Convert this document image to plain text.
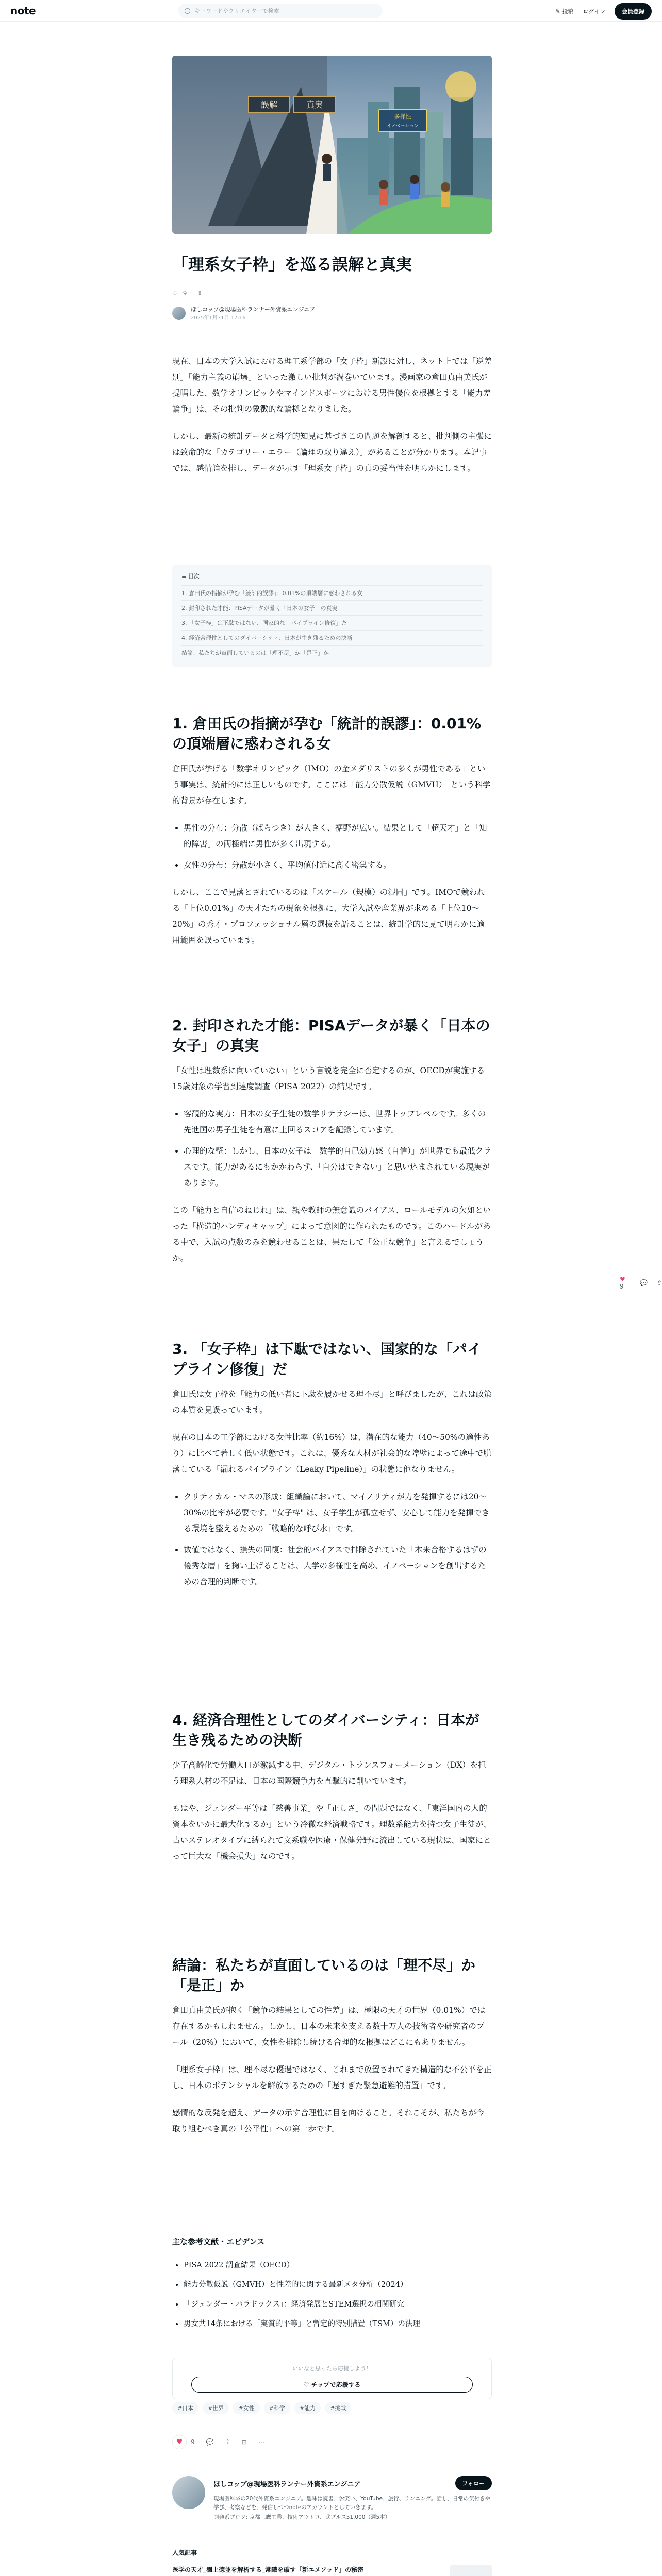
note	キーワードやクリエイターで検索	✎ 投稿 ログイン	会員登録
誤解	真実
多様性
イノベーション
「理系女子枠」を巡る誤解と真実
♡ 9 ⇪
ほしコップ@現場医科ランナー外資系エンジニア
2025年1月31日 17:16

現在、日本の大学入試における理工系学部の「女子枠」新設に対し、ネット上では「逆差別」「能力主義の崩壊」といった激しい批判が渦巻いています。漫画家の倉田真由美氏が提唱した、数学オリンピックやマインドスポーツにおける男性優位を根拠とする「能力差論争」は、その批判の象徴的な論拠となりました。

しかし、最新の統計データと科学的知見に基づきこの問題を解剖すると、批判側の主張には致命的な「カテゴリー・エラー（論理の取り違え）」があることが分かります。本記事では、感情論を排し、データが示す「理系女子枠」の真の妥当性を明らかにします。

≡ 目次
1. 倉田氏の指摘が孕む「統計的誤謬」：0.01%の頂端層に惑わされる女
2. 封印された才能：PISAデータが暴く「日本の女子」の真実
3. 「女子枠」は下駄ではない、国家的な「パイプライン修復」だ
4. 経済合理性としてのダイバーシティ：日本が生き残るための決断
結論：私たちが直面しているのは「理不尽」か「是正」か
1. 倉田氏の指摘が孕む「統計的誤謬」：0.01%の頂端層に惑わされる女

倉田氏が挙げる「数学オリンピック（IMO）の金メダリストの多くが男性である」という事実は、統計的には正しいものです。ここには「能力分散仮説（GMVH）」という科学的背景が存在します。

• 男性の分布：分散（ばらつき）が大きく、裾野が広い。結果として「超天才」と「知的障害」の両極端に男性が多く出現する。
• 女性の分布：分散が小さく、平均値付近に高く密集する。

しかし、ここで見落とされているのは「スケール（規模）の混同」です。IMOで競われる「上位0.01%」の天才たちの現象を根拠に、大学入試や産業界が求める「上位10〜20%」の秀才・プロフェッショナル層の選抜を語ることは、統計学的に見て明らかに適用範囲を誤っています。

2. 封印された才能：PISAデータが暴く「日本の女子」の真実

「女性は理数系に向いていない」という言説を完全に否定するのが、OECDが実施する15歳対象の学習到達度調査（PISA 2022）の結果です。

• 客観的な実力：日本の女子生徒の数学リテラシーは、世界トップレベルです。多くの先進国の男子生徒を有意に上回るスコアを記録しています。
• 心理的な壁：しかし、日本の女子は「数学的自己効力感（自信）」が世界でも最低クラスです。能力があるにもかかわらず、「自分はできない」と思い込まされている現実があります。

この「能力と自信のねじれ」は、親や教師の無意識のバイアス、ロールモデルの欠如といった「構造的ハンディキャップ」によって意図的に作られたものです。このハードルがある中で、入試の点数のみを競わせることは、果たして「公正な競争」と言えるでしょうか。

3. 「女子枠」は下駄ではない、国家的な「パイプライン修復」だ

倉田氏は女子枠を「能力の低い者に下駄を履かせる理不尽」と呼びましたが、これは政策の本質を見誤っています。

現在の日本の工学部における女性比率（約16%）は、潜在的な能力（40〜50%の適性あり）に比べて著しく低い状態です。これは、優秀な人材が社会的な障壁によって途中で脱落している「漏れるパイプライン（Leaky Pipeline）」の状態に他なりません。

• クリティカル・マスの形成：組織論において、マイノリティが力を発揮するには20〜30%の比率が必要です。"女子枠" は、女子学生が孤立せず、安心して能力を発揮できる環境を整えるための「戦略的な呼び水」です。
• 数値ではなく、損失の回復：社会的バイアスで排除されていた「本来合格するはずの優秀な層」を掬い上げることは、大学の多様性を高め、イノベーションを創出するための合理的判断です。
4. 経済合理性としてのダイバーシティ：日本が生き残るための決断

少子高齢化で労働人口が激減する中、デジタル・トランスフォーメーション（DX）を担う理系人材の不足は、日本の国際競争力を直撃的に削いでいます。

もはや、ジェンダー平等は「慈善事業」や「正しさ」の問題ではなく、「東洋国内の人的資本をいかに最大化するか」という冷徹な経済戦略です。理数系能力を持つ女子生徒が、古いステレオタイプに縛られて文系職や医療・保健分野に流出している現状は、国家にとって巨大な「機会損失」なのです。

結論：私たちが直面しているのは「理不尽」か「是正」か

倉田真由美氏が抱く「競争の結果としての性差」は、極限の天才の世界（0.01%）では存在するかもしれません。しかし、日本の未来を支える数十万人の技術者や研究者のプール（20%）において、女性を排除し続ける合理的な根拠はどこにもありません。

「理系女子枠」は、理不尽な優遇ではなく、これまで放置されてきた構造的な不公平を正し、日本のポテンシャルを解放するための「遅すぎた緊急避難的措置」です。

感情的な反発を超え、データの示す合理性に目を向けること。それこそが、私たちが今取り組むべき真の「公平性」への第一歩です。

主な参考文献・エビデンス
• PISA 2022 調査結果（OECD）
• 能力分散仮説（GMVH）と性差的に関する最新メタ分析（2024）
• 「ジェンダー・パラドックス」：経済発展とSTEM選択の相関研究
• 男女共14条における「実質的平等」と暫定的特別措置（TSM）の法理
いいなと思ったら応援しよう！
♡ チップで応援する
#日本	#世界	#女性	#科学	#能力	#挑戦
♥	9 💬 ⇪ ⊡ ⋯
ほしコップ@現場医科ランナー外資系エンジニア	フォロー
現場医科卒の20代外資系エンジニア。趣味は読書、お笑い、YouTube、旅行、ランニング。話し、日常の気付きや学び、考察などを、発信しつつnoteのアカウントとしていきます。
開発系ブログ: 京都三鷹工業、技術アウトロ、武ブルス51,000（週5本）
人気記事
医学の天才_潤上徳並を解析する_常識を破す「新エメソッド」の秘密
♥ 9	💬 ⇪
